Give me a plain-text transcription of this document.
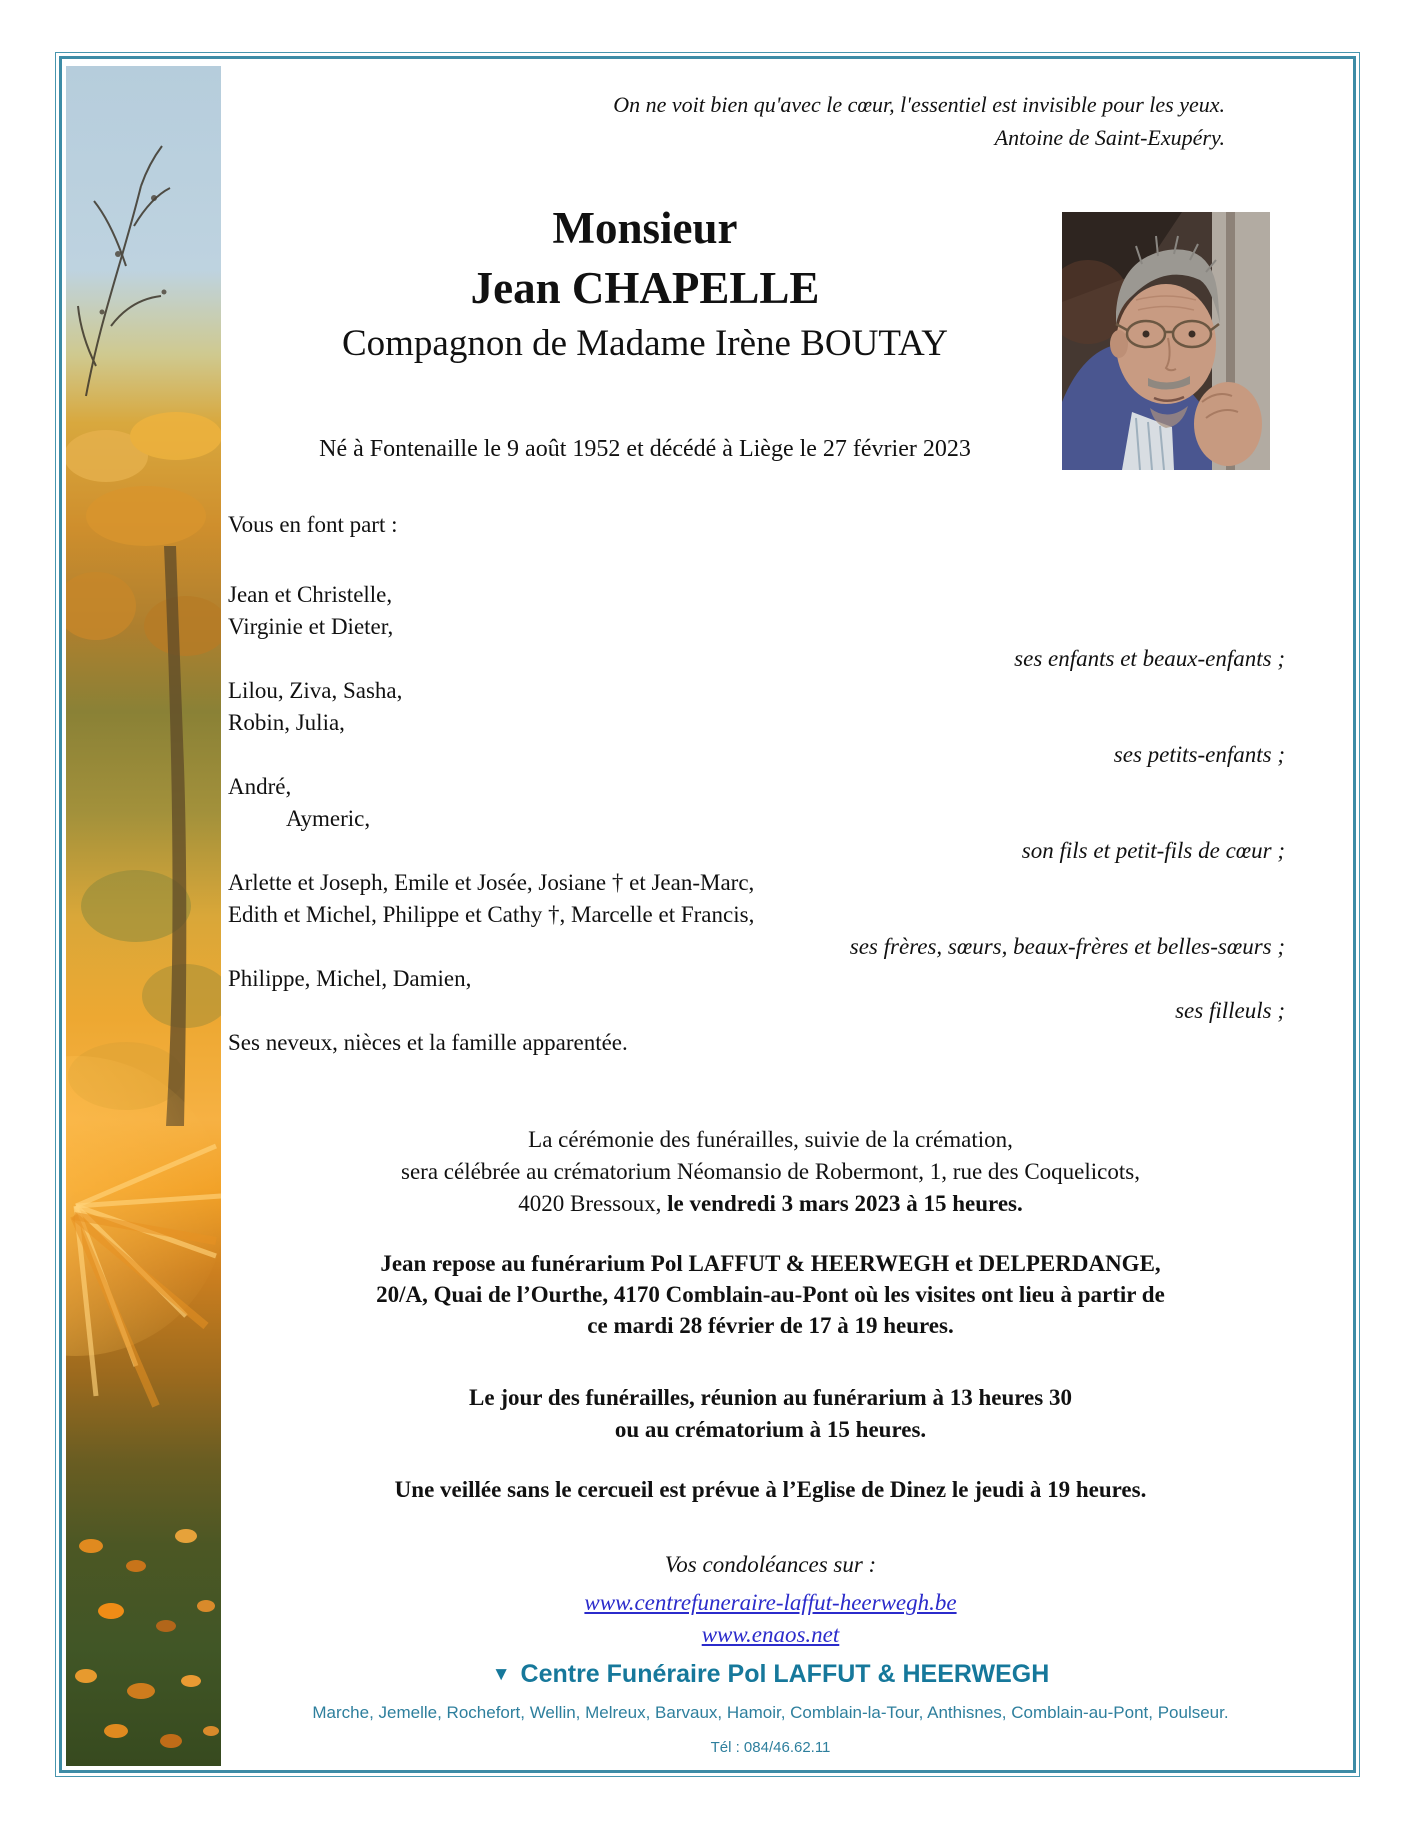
On ne voit bien qu'avec le cœur, l'essentiel est invisible pour les yeux.
Antoine de Saint-Exupéry.
Monsieur
Jean CHAPELLE
Compagnon de Madame Irène BOUTAY
Né à Fontenaille le 9 août 1952 et décédé à Liège le 27 février 2023
Vous en font part :
Jean et Christelle,
Virginie et Dieter,
ses enfants et beaux-enfants ;
Lilou, Ziva, Sasha,
Robin, Julia,
ses petits-enfants ;
André,
Aymeric,
son fils et petit-fils de cœur ;
Arlette et Joseph, Emile et Josée, Josiane † et Jean-Marc,
Edith et Michel, Philippe et Cathy †, Marcelle et Francis,
ses frères, sœurs, beaux-frères et belles-sœurs ;
Philippe, Michel, Damien,
ses filleuls ;
Ses neveux, nièces et la famille apparentée.
La cérémonie des funérailles, suivie de la crémation,
sera célébrée au crématorium Néomansio de Robermont, 1, rue des Coquelicots,
4020 Bressoux, le vendredi 3 mars 2023 à 15 heures.
Jean repose au funérarium Pol LAFFUT & HEERWEGH et DELPERDANGE,
20/A, Quai de l’Ourthe, 4170 Comblain-au-Pont où les visites ont lieu à partir de
ce mardi 28 février de 17 à 19 heures.
Le jour des funérailles, réunion au funérarium à 13 heures 30
ou au crématorium à 15 heures.
Une veillée sans le cercueil est prévue à l’Eglise de Dinez le jeudi à 19 heures.
Vos condoléances sur :
www.centrefuneraire-laffut-heerwegh.be
www.enaos.net
▼ Centre Funéraire Pol LAFFUT & HEERWEGH
Marche, Jemelle, Rochefort, Wellin, Melreux, Barvaux, Hamoir, Comblain-la-Tour, Anthisnes, Comblain-au-Pont, Poulseur.
Tél : 084/46.62.11
